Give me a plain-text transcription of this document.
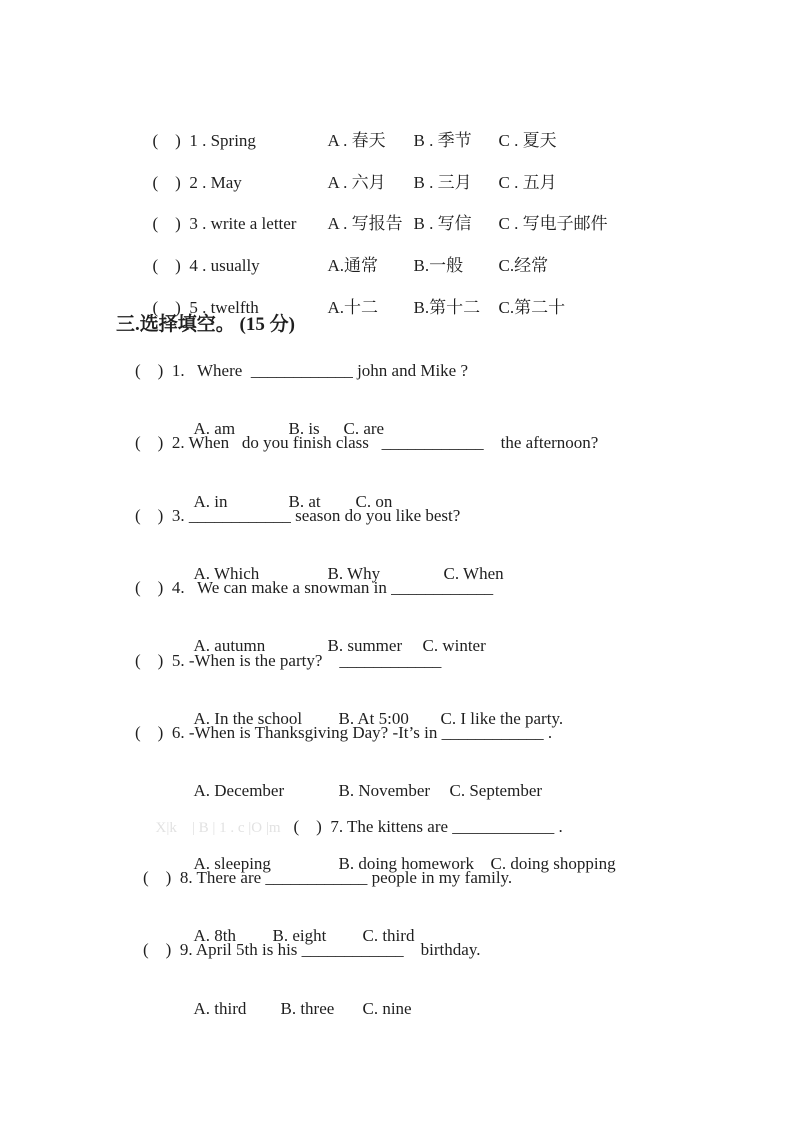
(    )  1 . Spring	A . 春天 B . 季节 C . 夏天

(    )  2 . May	A . 六月 B . 三月 C . 五月

(    )  3 . write a letter A . 写报告 B . 写信 C . 写电子邮件

(    )  4 . usually	A.通常 B.一般 C.经常

(    )  5 . twelfth	A.十二 B.第十二 C.第二十

三.选择填空。 (15 分)
(    )  1.   Where  ____________ john and Mike ?

A. am	B. is C. are

(    )  2. When   do you finish class   ____________    the afternoon?

A. in	B. at C. on

(    )  3. ____________ season do you like best?

A. Which	B. Why	C. When

(    )  4.   We can make a snowman in ____________

A. autumn	B. summer C. winter

(    )  5. -When is the party?    ____________

A. In the school B. At 5:00 C. I like the party.

(    )  6. -When is Thanksgiving Day? -It’s in ____________ .

A. December	B. November C. September

X|k    | B | 1 . c |O |m (    )  7. The kittens are ____________ .

A. sleeping	B. doing homework C. doing shopping

(    )  8. There are ____________ people in my family.

A. 8th B. eight C. third

(    )  9. April 5th is his ____________    birthday.

A. third B. three C. nine
